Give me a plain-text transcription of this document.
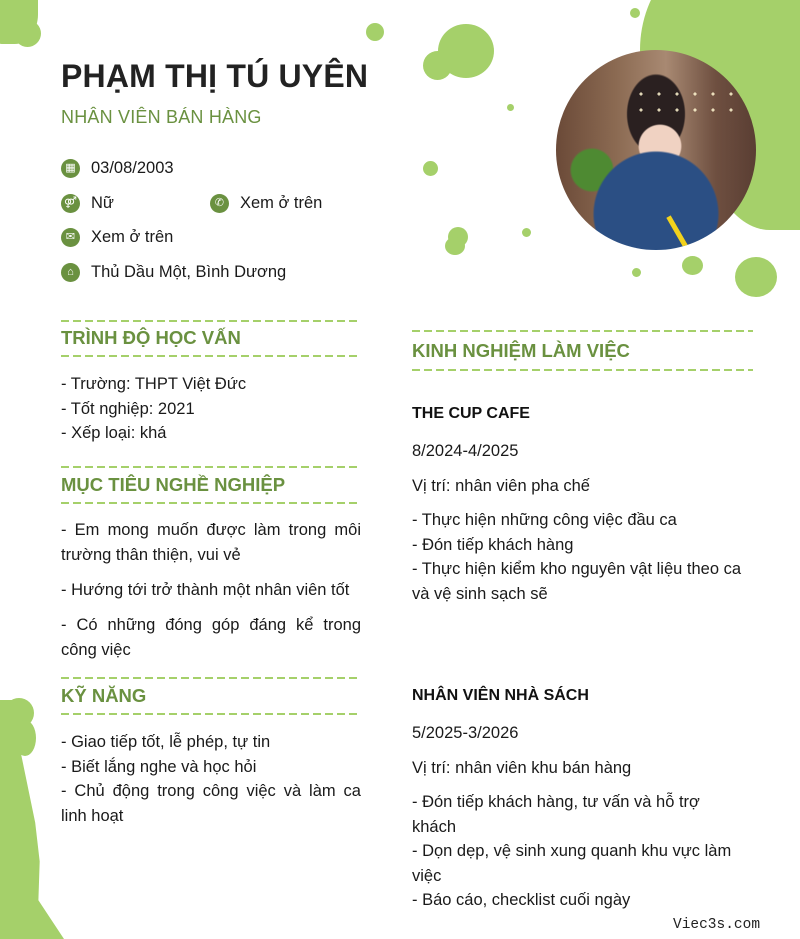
PHẠM THỊ TÚ UYÊN
NHÂN VIÊN BÁN HÀNG
▦ 03/08/2003
⚤ Nữ	✆ Xem ở trên
✉ Xem ở trên
⌂	Thủ Dầu Một, Bình Dương
TRÌNH ĐỘ HỌC VẤN
- Trường: THPT Việt Đức
- Tốt nghiệp: 2021
- Xếp loại: khá
MỤC TIÊU NGHỀ NGHIỆP
- Em mong muốn được làm trong môi trường thân thiện, vui vẻ
- Hướng tới trở thành một nhân viên tốt
- Có những đóng góp đáng kể trong công việc
KỸ NĂNG
- Giao tiếp tốt, lễ phép, tự tin
- Biết lắng nghe và học hỏi
- Chủ động trong công việc và làm ca linh hoạt
KINH NGHIỆM LÀM VIỆC
THE CUP CAFE
8/2024-4/2025
Vị trí: nhân viên pha chế
- Thực hiện những công việc đầu ca
- Đón tiếp khách hàng
- Thực hiện kiểm kho nguyên vật liệu theo ca và vệ sinh sạch sẽ
NHÂN VIÊN NHÀ SÁCH
5/2025-3/2026
Vị trí: nhân viên khu bán hàng
- Đón tiếp khách hàng, tư vấn và hỗ trợ khách
- Dọn dẹp, vệ sinh xung quanh khu vực làm việc
- Báo cáo, checklist cuối ngày
Viec3s.com
